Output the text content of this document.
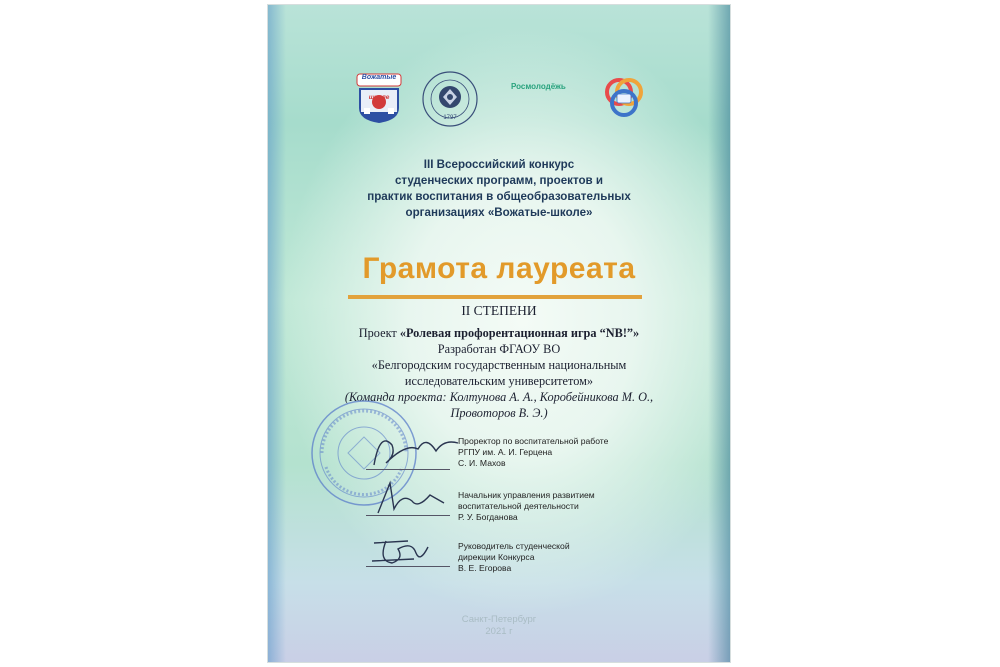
Вожатые
школе
1797
Росмолодёжь
III Всероссийский конкурс
студенческих программ, проектов и
практик воспитания в общеобразовательных
организациях «Вожатые-школе»
Грамота лауреата
II СТЕПЕНИ
Проект «Ролевая профорентационная игра “NB!”»
Разработан ФГАОУ ВО
«Белгородским государственным национальным
исследовательским университетом»
(Команда проекта: Колтунова А. А., Коробейникова М. О.,
Провоторов В. Э.)
Проректор по воспитательной работе
РГПУ им. А. И. Герцена
С. И. Махов
Начальник управления развитием
воспитательной деятельности
Р. У. Богданова
Руководитель студенческой
дирекции Конкурса
В. Е. Егорова
Санкт-Петербург
2021 г
